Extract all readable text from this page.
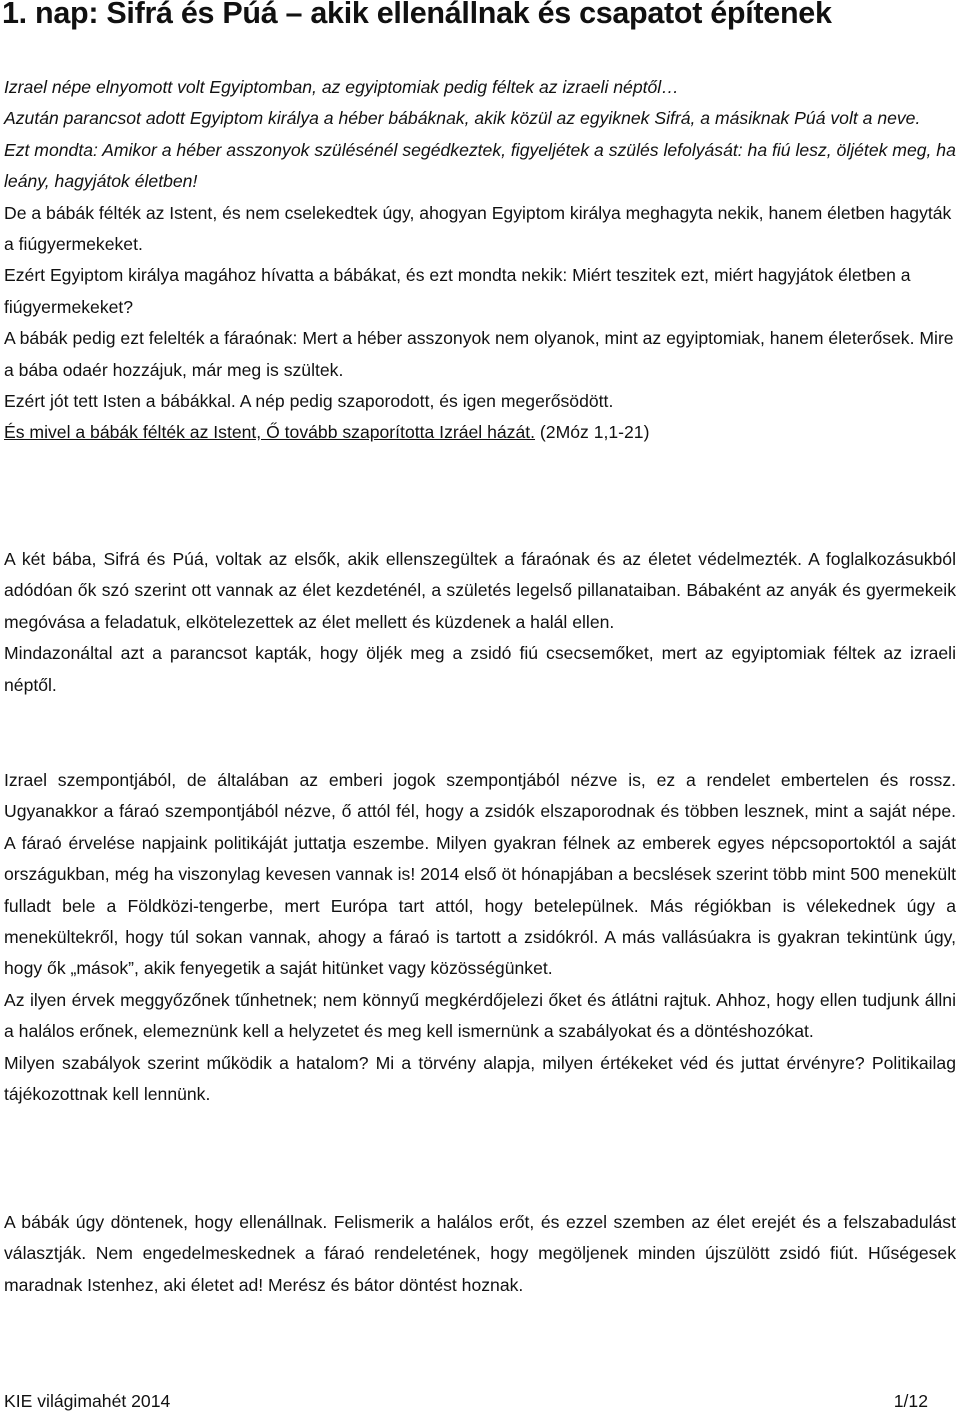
1. nap: Sifrá és Púá – akik ellenállnak és csapatot építenek

Izrael népe elnyomott volt Egyiptomban, az egyiptomiak pedig féltek az izraeli néptől…

Azután parancsot adott Egyiptom királya a héber bábáknak, akik közül az egyiknek Sifrá, a másiknak Púá volt a neve.

Ezt mondta: Amikor a héber asszonyok szülésénél segédkeztek, figyeljétek a szülés lefolyását: ha fiú lesz, öljétek meg, ha leány, hagyjátok életben!

De a bábák félték az Istent, és nem cselekedtek úgy, ahogyan Egyiptom királya meghagyta nekik, hanem életben hagyták a fiúgyermekeket.

Ezért Egyiptom királya magához hívatta a bábákat, és ezt mondta nekik: Miért teszitek ezt, miért hagyjátok életben a fiúgyermekeket?

A bábák pedig ezt felelték a fáraónak: Mert a héber asszonyok nem olyanok, mint az egyiptomiak, hanem életerősek. Mire a bába odaér hozzájuk, már meg is szültek.

Ezért jót tett Isten a bábákkal. A nép pedig szaporodott, és igen megerősödött.

És mivel a bábák félték az Istent, Ő tovább szaporította Izráel házát. (2Móz 1,1-21)

A két bába, Sifrá és Púá, voltak az elsők, akik ellenszegültek a fáraónak és az életet védelmezték. A foglalkozásukból adódóan ők szó szerint ott vannak az élet kezdeténél, a születés legelső pillanataiban. Bábaként az anyák és gyermekeik megóvása a feladatuk, elkötelezettek az élet mellett és küzdenek a halál ellen.

Mindazonáltal azt a parancsot kapták, hogy öljék meg a zsidó fiú csecsemőket, mert az egyiptomiak féltek az izraeli néptől.

Izrael szempontjából, de általában az emberi jogok szempontjából nézve is, ez a rendelet embertelen és rossz. Ugyanakkor a fáraó szempontjából nézve, ő attól fél, hogy a zsidók elszaporodnak és többen lesznek, mint a saját népe. A fáraó érvelése napjaink politikáját juttatja eszembe. Milyen gyakran félnek az emberek egyes népcsoportoktól a saját országukban, még ha viszonylag kevesen vannak is! 2014 első öt hónapjában a becslések szerint több mint 500 menekült fulladt bele a Földközi-tengerbe, mert Európa tart attól, hogy betelepülnek. Más régiókban is vélekednek úgy a menekültekről, hogy túl sokan vannak, ahogy a fáraó is tartott a zsidókról. A más vallásúakra is gyakran tekintünk úgy, hogy ők „mások”, akik fenyegetik a saját hitünket vagy közösségünket.

Az ilyen érvek meggyőzőnek tűnhetnek; nem könnyű megkérdőjelezi őket és átlátni rajtuk. Ahhoz, hogy ellen tudjunk állni a halálos erőnek, elemeznünk kell a helyzetet és meg kell ismernünk a szabályokat és a döntéshozókat.

Milyen szabályok szerint működik a hatalom? Mi a törvény alapja, milyen értékeket véd és juttat érvényre? Politikailag tájékozottnak kell lennünk.

A bábák úgy döntenek, hogy ellenállnak. Felismerik a halálos erőt, és ezzel szemben az élet erejét és a felszabadulást választják. Nem engedelmeskednek a fáraó rendeletének, hogy megöljenek minden újszülött zsidó fiút. Hűségesek maradnak Istenhez, aki életet ad! Merész és bátor döntést hoznak.

KIE világimahét 2014	1/12
